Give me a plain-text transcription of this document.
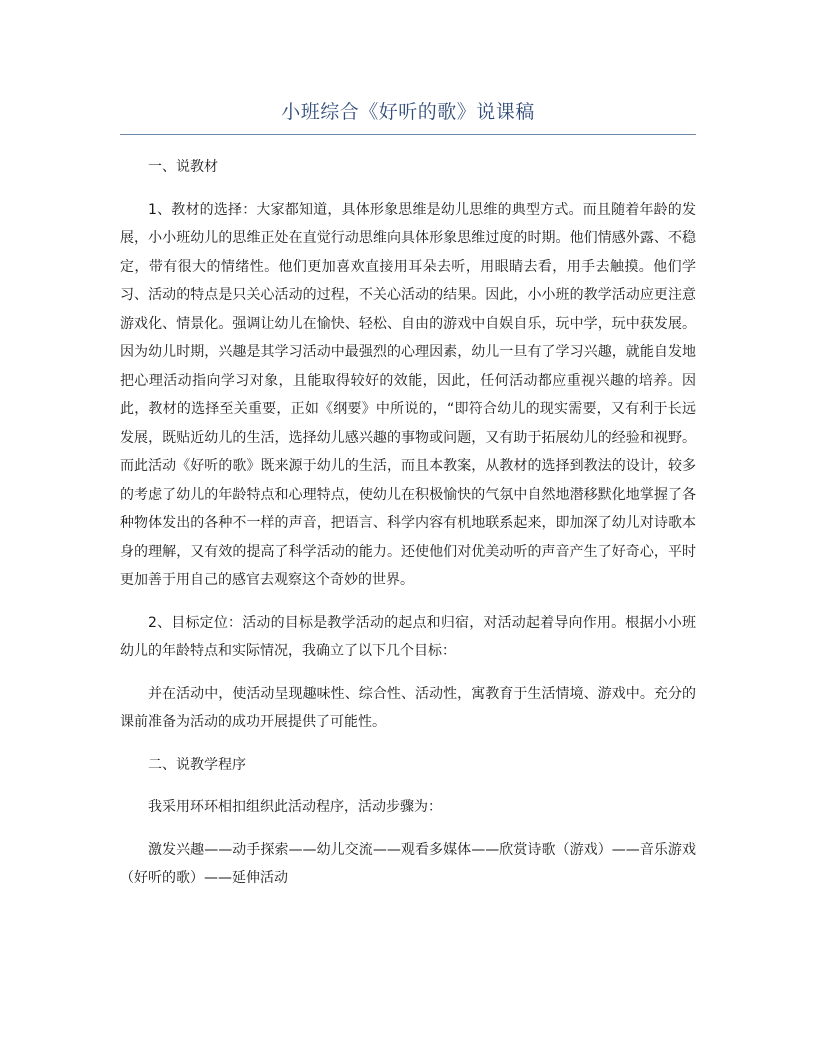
小班综合《好听的歌》说课稿

一、说教材

1、教材的选择：大家都知道，具体形象思维是幼儿思维的典型方式。而且随着年龄的发展，小小班幼儿的思维正处在直觉行动思维向具体形象思维过度的时期。他们情感外露、不稳定，带有很大的情绪性。他们更加喜欢直接用耳朵去听，用眼睛去看，用手去触摸。他们学习、活动的特点是只关心活动的过程，不关心活动的结果。因此，小小班的教学活动应更注意游戏化、情景化。强调让幼儿在愉快、轻松、自由的游戏中自娱自乐，玩中学，玩中获发展。因为幼儿时期，兴趣是其学习活动中最强烈的心理因素，幼儿一旦有了学习兴趣，就能自发地把心理活动指向学习对象，且能取得较好的效能，因此，任何活动都应重视兴趣的培养。因此，教材的选择至关重要，正如《纲要》中所说的，“即符合幼儿的现实需要，又有利于长远发展，既贴近幼儿的生活，选择幼儿感兴趣的事物或问题，又有助于拓展幼儿的经验和视野。而此活动《好听的歌》既来源于幼儿的生活，而且本教案，从教材的选择到教法的设计，较多的考虑了幼儿的年龄特点和心理特点，使幼儿在积极愉快的气氛中自然地潜移默化地掌握了各种物体发出的各种不一样的声音，把语言、科学内容有机地联系起来，即加深了幼儿对诗歌本身的理解，又有效的提高了科学活动的能力。还使他们对优美动听的声音产生了好奇心，平时更加善于用自己的感官去观察这个奇妙的世界。

2、目标定位：活动的目标是教学活动的起点和归宿，对活动起着导向作用。根据小小班幼儿的年龄特点和实际情况，我确立了以下几个目标：

并在活动中，使活动呈现趣味性、综合性、活动性，寓教育于生活情境、游戏中。充分的课前准备为活动的成功开展提供了可能性。

二、说教学程序

我采用环环相扣组织此活动程序，活动步骤为：

激发兴趣——动手探索——幼儿交流——观看多媒体——欣赏诗歌（游戏）——音乐游戏（好听的歌）——延伸活动
